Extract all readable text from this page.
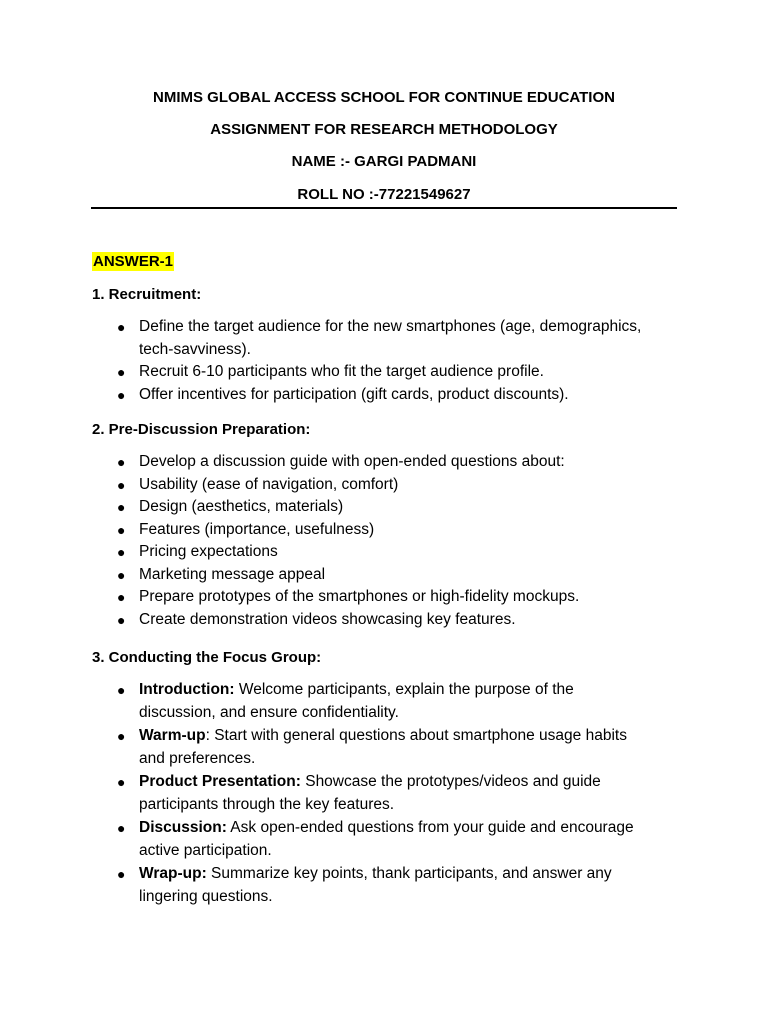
NMIMS GLOBAL ACCESS SCHOOL FOR CONTINUE EDUCATION
ASSIGNMENT FOR RESEARCH METHODOLOGY
NAME :- GARGI PADMANI
ROLL NO :-77221549627
ANSWER-1
1. Recruitment:
● Define the target audience for the new smartphones (age, demographics, tech-savviness).
● Recruit 6-10 participants who fit the target audience profile.
● Offer incentives for participation (gift cards, product discounts).
2. Pre-Discussion Preparation:
● Develop a discussion guide with open-ended questions about:
● Usability (ease of navigation, comfort)
● Design (aesthetics, materials)
● Features (importance, usefulness)
● Pricing expectations
● Marketing message appeal
● Prepare prototypes of the smartphones or high-fidelity mockups.
● Create demonstration videos showcasing key features.
3. Conducting the Focus Group:
● Introduction: Welcome participants, explain the purpose of the discussion, and ensure confidentiality.
● Warm-up: Start with general questions about smartphone usage habits and preferences.
● Product Presentation: Showcase the prototypes/videos and guide participants through the key features.
● Discussion: Ask open-ended questions from your guide and encourage active participation.
● Wrap-up: Summarize key points, thank participants, and answer any lingering questions.
